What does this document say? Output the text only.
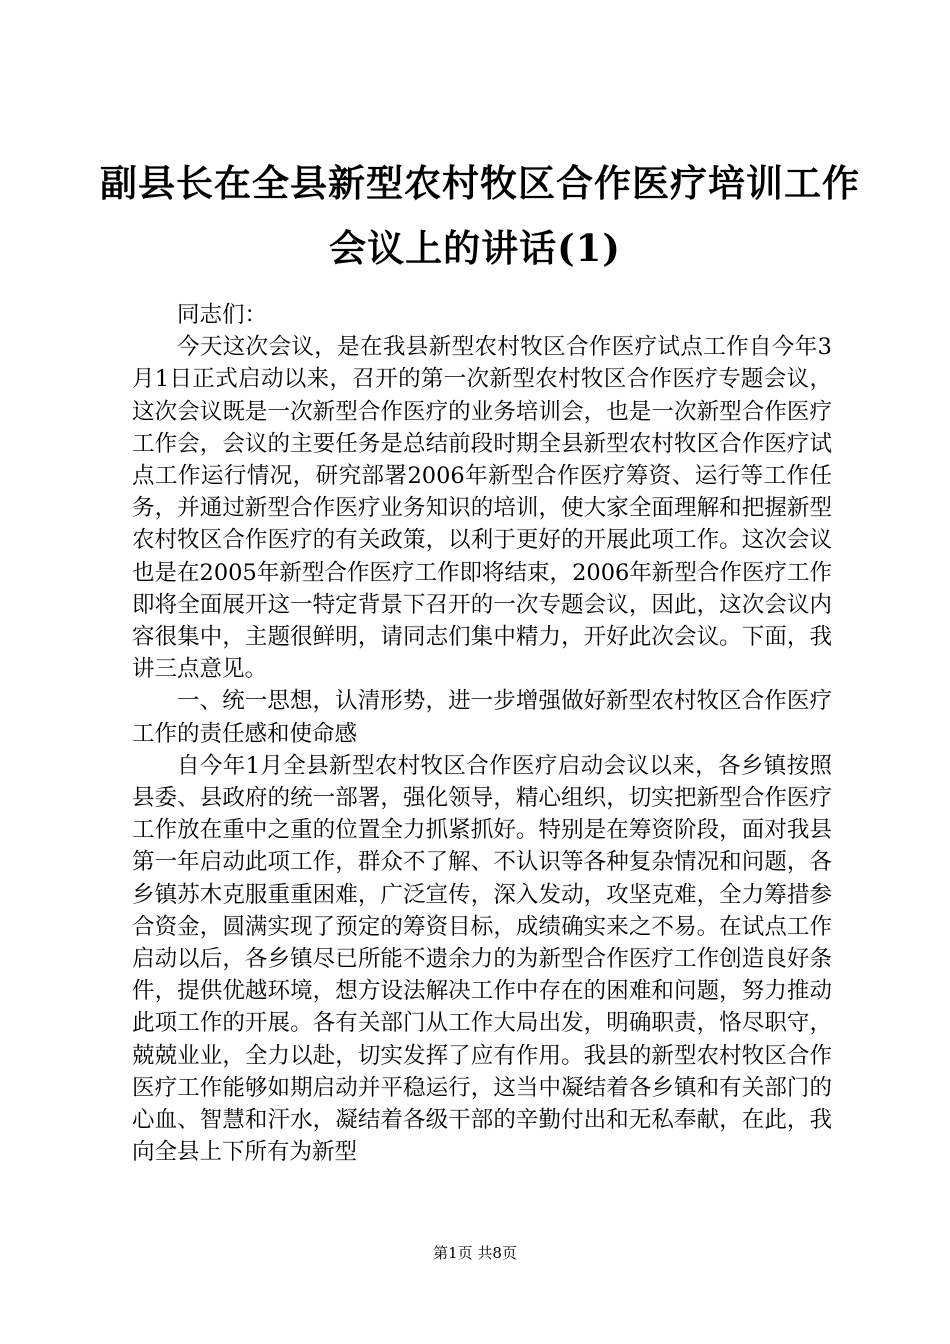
副县长在全县新型农村牧区合作医疗培训工作
会议上的讲话(1)

同志们：

今天这次会议，是在我县新型农村牧区合作医疗试点工作自今年3月1日正式启动以来，召开的第一次新型农村牧区合作医疗专题会议，这次会议既是一次新型合作医疗的业务培训会，也是一次新型合作医疗工作会，会议的主要任务是总结前段时期全县新型农村牧区合作医疗试点工作运行情况，研究部署2006年新型合作医疗筹资、运行等工作任务，并通过新型合作医疗业务知识的培训，使大家全面理解和把握新型农村牧区合作医疗的有关政策，以利于更好的开展此项工作。这次会议也是在2005年新型合作医疗工作即将结束，2006年新型合作医疗工作即将全面展开这一特定背景下召开的一次专题会议，因此，这次会议内容很集中，主题很鲜明，请同志们集中精力，开好此次会议。下面，我讲三点意见。

一、统一思想，认清形势，进一步增强做好新型农村牧区合作医疗工作的责任感和使命感

自今年1月全县新型农村牧区合作医疗启动会议以来，各乡镇按照县委、县政府的统一部署，强化领导，精心组织，切实把新型合作医疗工作放在重中之重的位置全力抓紧抓好。特别是在筹资阶段，面对我县第一年启动此项工作，群众不了解、不认识等各种复杂情况和问题，各乡镇苏木克服重重困难，广泛宣传，深入发动，攻坚克难，全力筹措参合资金，圆满实现了预定的筹资目标，成绩确实来之不易。在试点工作启动以后，各乡镇尽已所能不遗余力的为新型合作医疗工作创造良好条件，提供优越环境，想方设法解决工作中存在的困难和问题，努力推动此项工作的开展。各有关部门从工作大局出发，明确职责，恪尽职守，兢兢业业，全力以赴，切实发挥了应有作用。我县的新型农村牧区合作医疗工作能够如期启动并平稳运行，这当中凝结着各乡镇和有关部门的心血、智慧和汗水，凝结着各级干部的辛勤付出和无私奉献，在此，我向全县上下所有为新型

第1页 共8页
